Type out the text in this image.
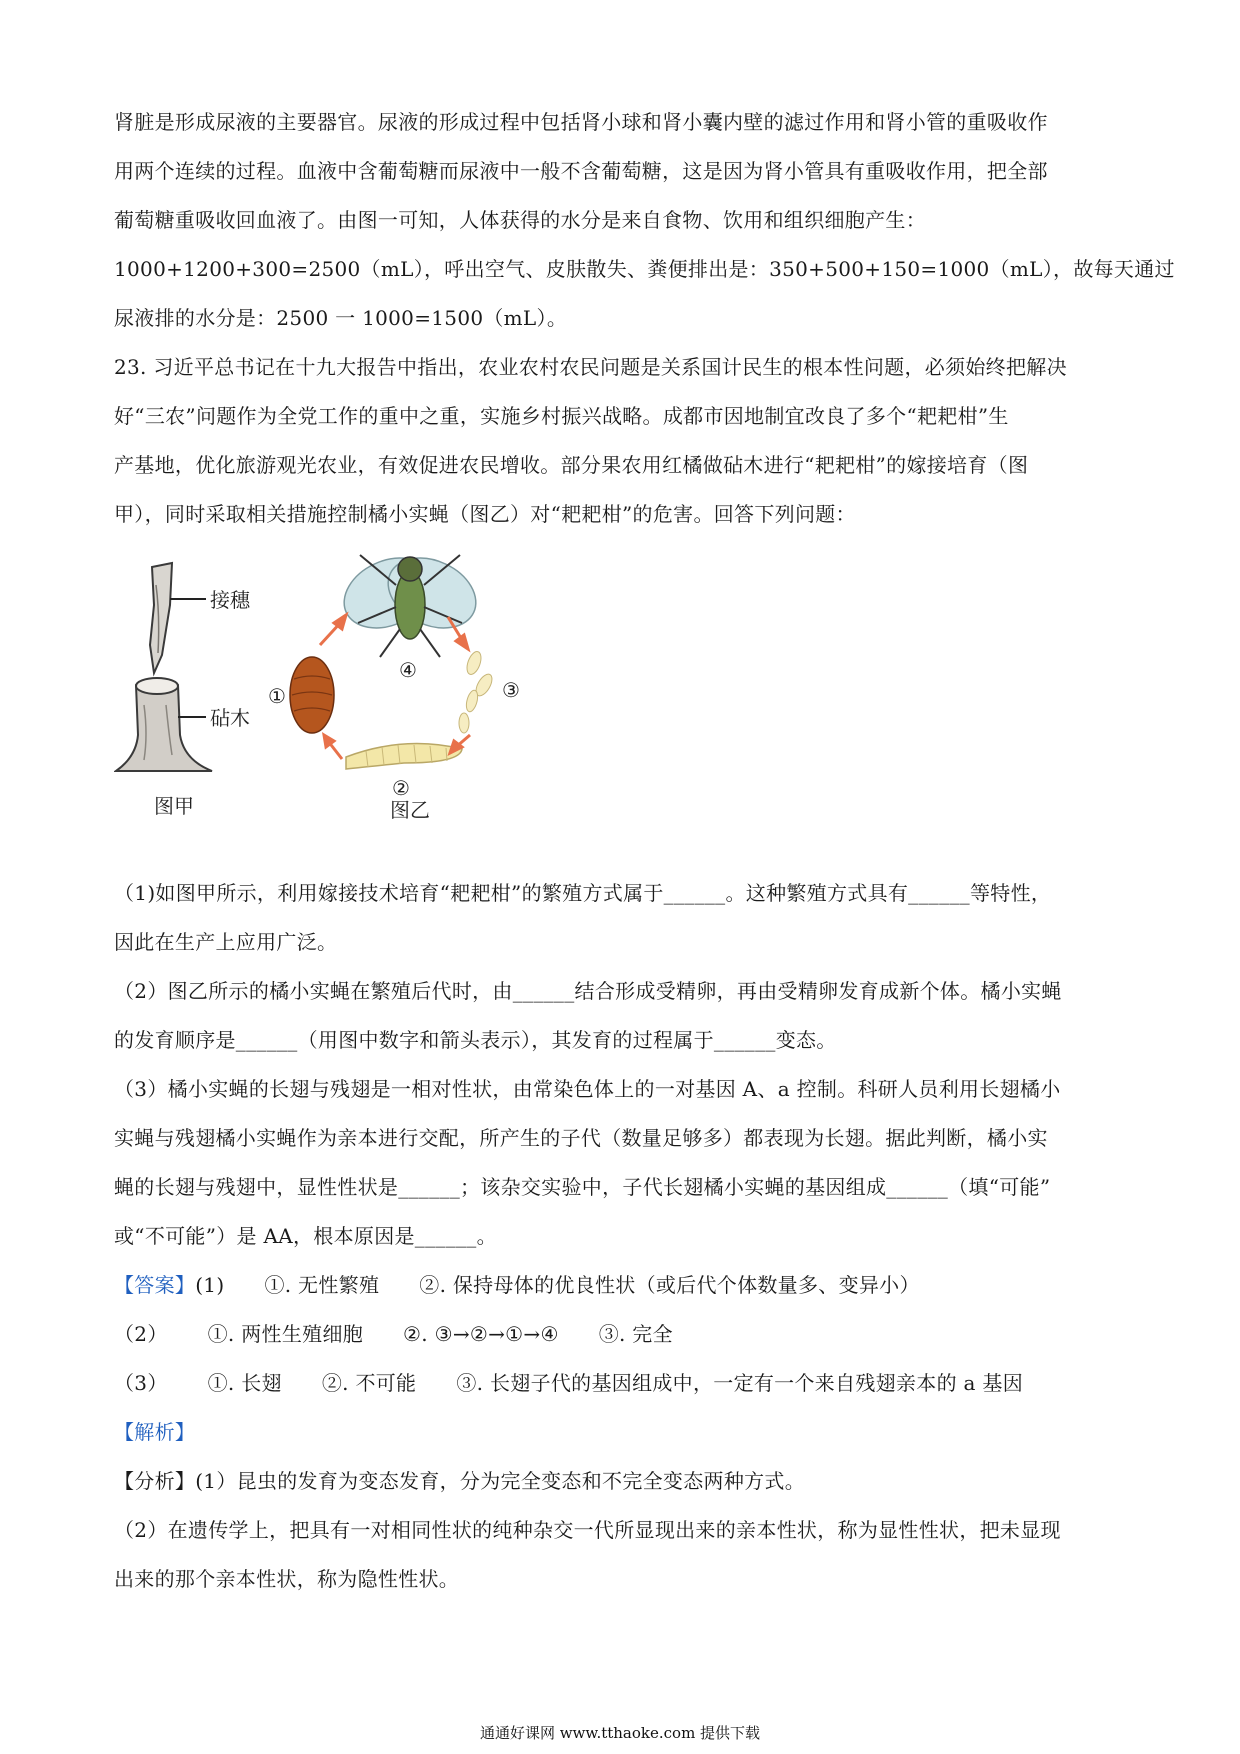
肾脏是形成尿液的主要器官。尿液的形成过程中包括肾小球和肾小囊内壁的滤过作用和肾小管的重吸收作

用两个连续的过程。血液中含葡萄糖而尿液中一般不含葡萄糖，这是因为肾小管具有重吸收作用，把全部

葡萄糖重吸收回血液了。由图一可知，人体获得的水分是来自食物、饮用和组织细胞产生：

1000+1200+300=2500（mL），呼出空气、皮肤散失、粪便排出是：350+500+150=1000（mL），故每天通过

尿液排的水分是：2500 一 1000=1500（mL）。

23. 习近平总书记在十九大报告中指出，农业农村农民问题是关系国计民生的根本性问题，必须始终把解决

好“三农”问题作为全党工作的重中之重，实施乡村振兴战略。成都市因地制宜改良了多个“耙耙柑”生

产基地，优化旅游观光农业，有效促进农民增收。部分果农用红橘做砧木进行“耙耙柑”的嫁接培育（图

甲），同时采取相关措施控制橘小实蝇（图乙）对“耙耙柑”的危害。回答下列问题：

接穗
砧木
图甲
④
③
②
①
图乙

（1)如图甲所示，利用嫁接技术培育“耙耙柑”的繁殖方式属于______。这种繁殖方式具有______等特性，

因此在生产上应用广泛。

（2）图乙所示的橘小实蝇在繁殖后代时，由______结合形成受精卵，再由受精卵发育成新个体。橘小实蝇

的发育顺序是______（用图中数字和箭头表示），其发育的过程属于______变态。

（3）橘小实蝇的长翅与残翅是一相对性状，由常染色体上的一对基因 A、a 控制。科研人员利用长翅橘小

实蝇与残翅橘小实蝇作为亲本进行交配，所产生的子代（数量足够多）都表现为长翅。据此判断，橘小实

蝇的长翅与残翅中，显性性状是______；该杂交实验中，子代长翅橘小实蝇的基因组成______（填“可能”

或“不可能”）是 AA，根本原因是______。

【答案】(1) ①. 无性繁殖 ②. 保持母体的优良性状（或后代个体数量多、变异小）

（2） ①. 两性生殖细胞 ②. ③→②→①→④ ③. 完全

（3） ①. 长翅 ②. 不可能 ③. 长翅子代的基因组成中，一定有一个来自残翅亲本的 a 基因

【解析】

【分析】(1）昆虫的发育为变态发育，分为完全变态和不完全变态两种方式。

（2）在遗传学上，把具有一对相同性状的纯种杂交一代所显现出来的亲本性状，称为显性性状，把未显现

出来的那个亲本性状，称为隐性性状。

通通好课网 www.tthaoke.com 提供下载
